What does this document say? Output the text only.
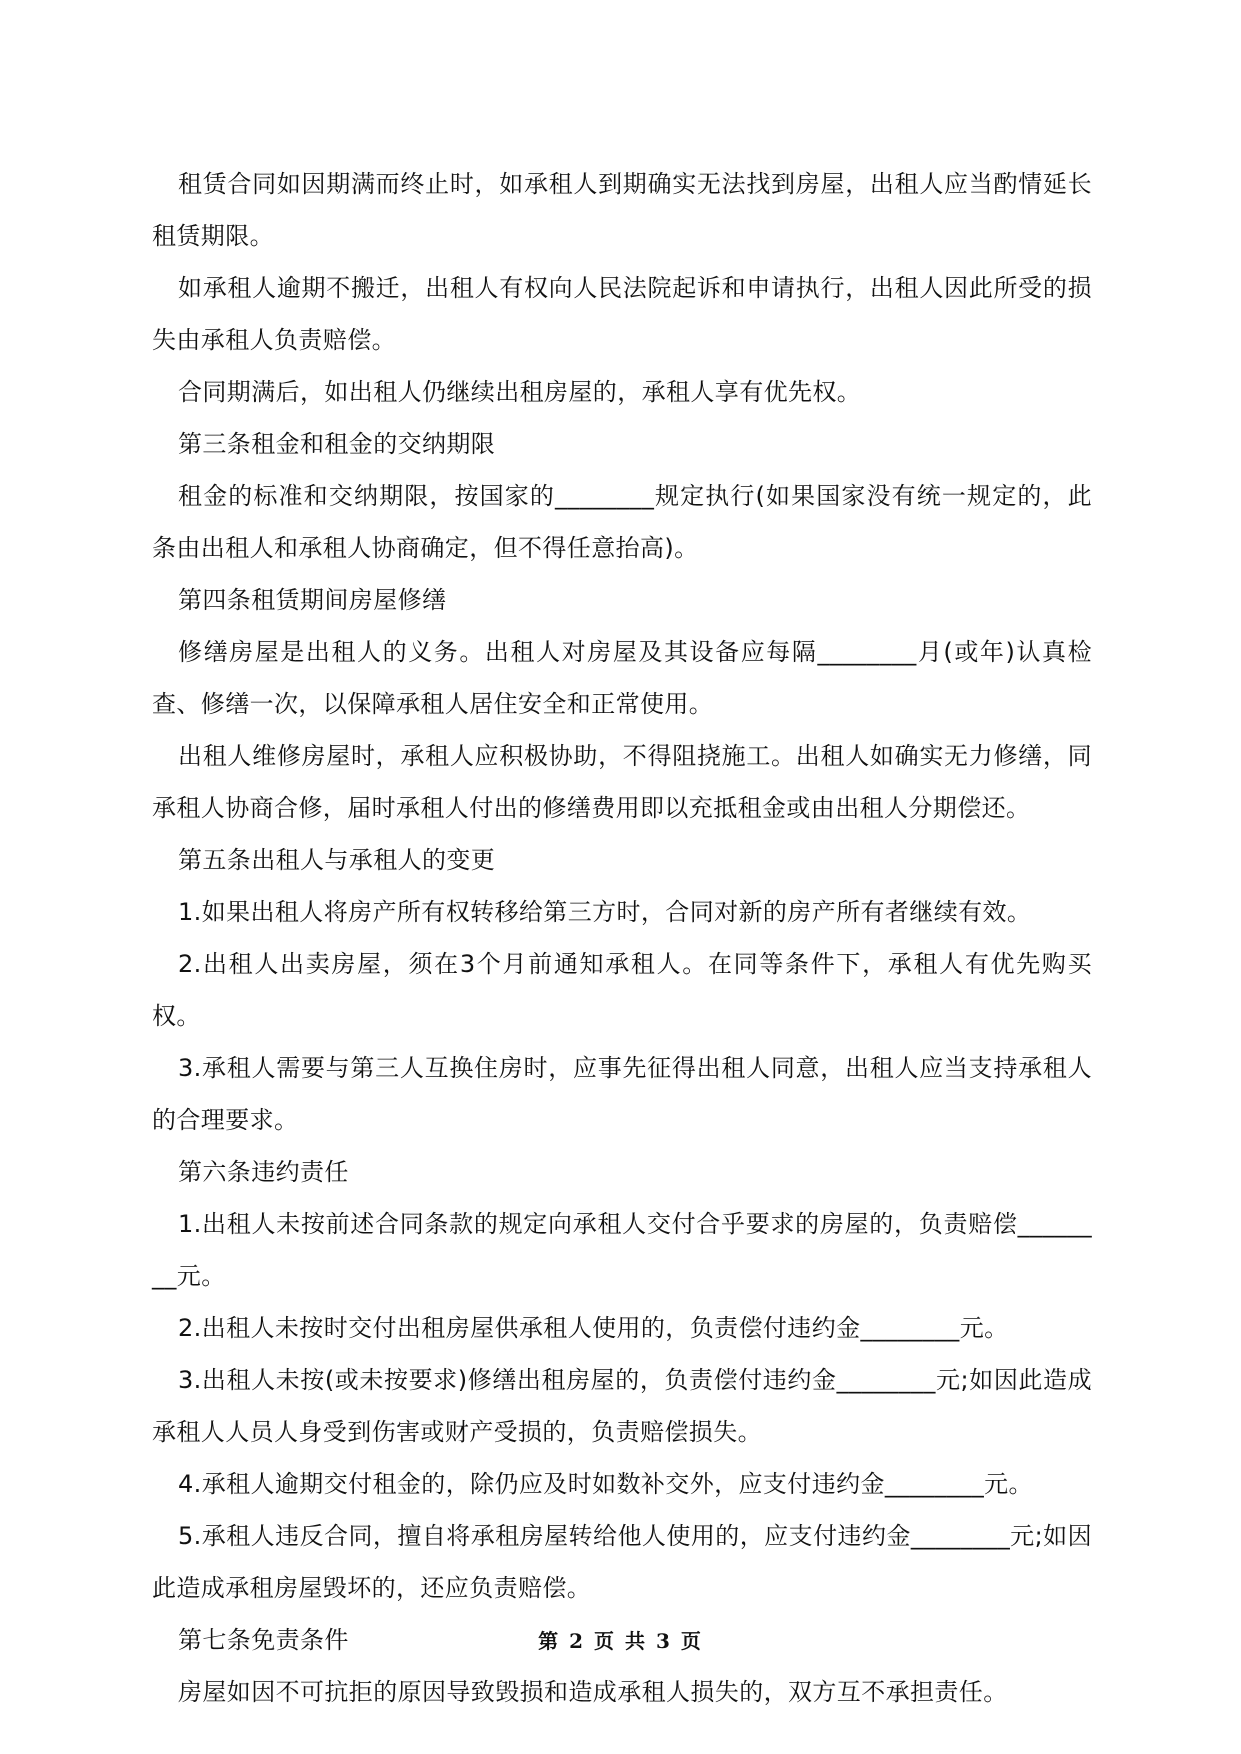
租赁合同如因期满而终止时，如承租人到期确实无法找到房屋，出租人应当酌情延长租赁期限。

如承租人逾期不搬迁，出租人有权向人民法院起诉和申请执行，出租人因此所受的损失由承租人负责赔偿。

合同期满后，如出租人仍继续出租房屋的，承租人享有优先权。

第三条租金和租金的交纳期限

租金的标准和交纳期限，按国家的________规定执行(如果国家没有统一规定的，此条由出租人和承租人协商确定，但不得任意抬高)。

第四条租赁期间房屋修缮

修缮房屋是出租人的义务。出租人对房屋及其设备应每隔________月(或年)认真检查、修缮一次，以保障承租人居住安全和正常使用。

出租人维修房屋时，承租人应积极协助，不得阻挠施工。出租人如确实无力修缮，同承租人协商合修，届时承租人付出的修缮费用即以充抵租金或由出租人分期偿还。

第五条出租人与承租人的变更

1.如果出租人将房产所有权转移给第三方时，合同对新的房产所有者继续有效。

2.出租人出卖房屋，须在3个月前通知承租人。在同等条件下，承租人有优先购买权。

3.承租人需要与第三人互换住房时，应事先征得出租人同意，出租人应当支持承租人的合理要求。

第六条违约责任

1.出租人未按前述合同条款的规定向承租人交付合乎要求的房屋的，负责赔偿________元。

2.出租人未按时交付出租房屋供承租人使用的，负责偿付违约金________元。

3.出租人未按(或未按要求)修缮出租房屋的，负责偿付违约金________元;如因此造成承租人人员人身受到伤害或财产受损的，负责赔偿损失。

4.承租人逾期交付租金的，除仍应及时如数补交外，应支付违约金________元。

5.承租人违反合同，擅自将承租房屋转给他人使用的，应支付违约金________元;如因此造成承租房屋毁坏的，还应负责赔偿。

第七条免责条件

房屋如因不可抗拒的原因导致毁损和造成承租人损失的，双方互不承担责任。

第 2 页 共 3 页
